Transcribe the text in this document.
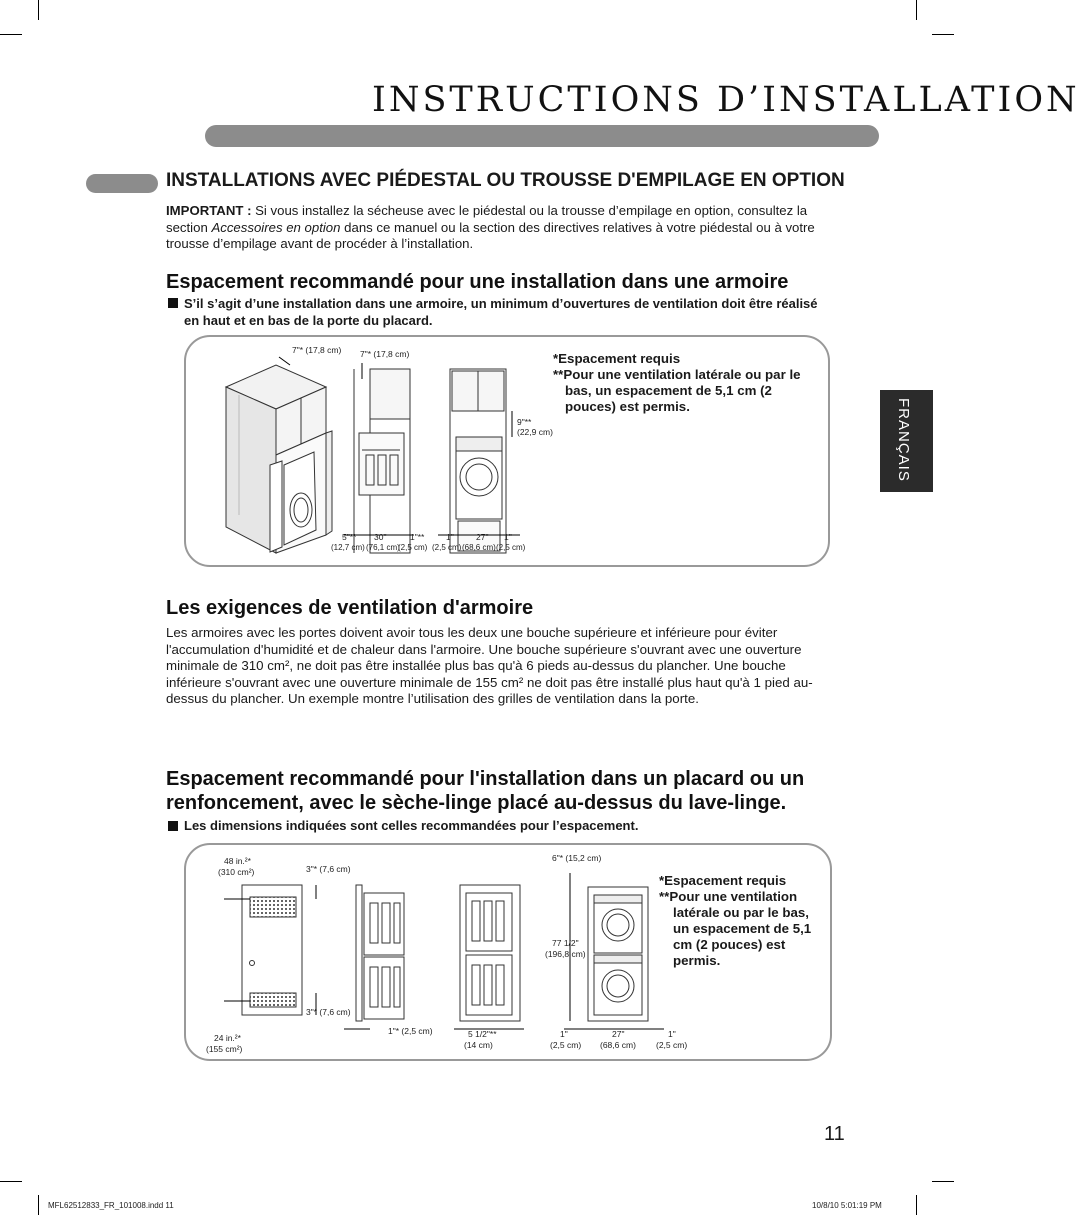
INSTRUCTIONS D’INSTALLATION
FRANÇAIS
INSTALLATIONS AVEC PIÉDESTAL OU TROUSSE D'EMPILAGE EN OPTION
IMPORTANT : Si vous installez la sécheuse avec le piédestal ou la trousse d’empilage en option, consultez la section Accessoires en option dans ce manuel ou la section des directives relatives à votre piédestal ou à votre trousse d’empilage avant de procéder à l’installation.
Espacement recommandé pour une installation dans une armoire
S’il s’agit d’une installation dans une armoire, un minimum d’ouvertures de ventilation doit être réalisé en haut et en bas de la porte du placard.
7"* (17,8 cm) 7"* (17,8 cm)
9"**
(22,9 cm)
5"** 30"	1"**	1"	27" 1"
(12,7 cm) (76,1 cm)
(2,5 cm) (2,5 cm) (68,6 cm) (2,5 cm)
*Espacement requis
**Pour une ventilation latérale ou par le bas, un espacement de 5,1 cm (2 pouces) est permis.
Les exigences de ventilation d'armoire
Les armoires avec les portes doivent avoir tous les deux une bouche supérieure et inférieure pour éviter l'accumulation d'humidité et de chaleur dans l'armoire. Une bouche supérieure s'ouvrant avec une ouverture minimale de 310 cm², ne doit pas être installée plus bas qu'à 6 pieds au-dessus du plancher. Une bouche inférieure s'ouvrant avec une ouverture minimale de 155 cm² ne doit pas être installé plus haut qu'à 1 pied au-dessus du plancher. Un exemple montre l’utilisation des grilles de ventilation dans la porte.
Espacement recommandé pour l'installation dans un placard ou un
renfoncement, avec le sèche-linge placé au-dessus du lave-linge.
Les dimensions indiquées sont celles recommandées pour l’espacement.
48 in.²*
(310 cm²)
24 in.²*
(155 cm²)
3"* (7,6 cm)
3"* (7,6 cm)
1"* (2,5 cm)	5 1/2"**
(14 cm)
6"* (15,2 cm)
77 1/2"
(196,8 cm)
1"
(2,5 cm)
27"
(68,6 cm)
1"
(2,5 cm)
*Espacement requis
**Pour une ventilation latérale ou par le bas, un espacement de 5,1 cm (2 pouces) est permis.
11
MFL62512833_FR_101008.indd 11	10/8/10 5:01:19 PM
